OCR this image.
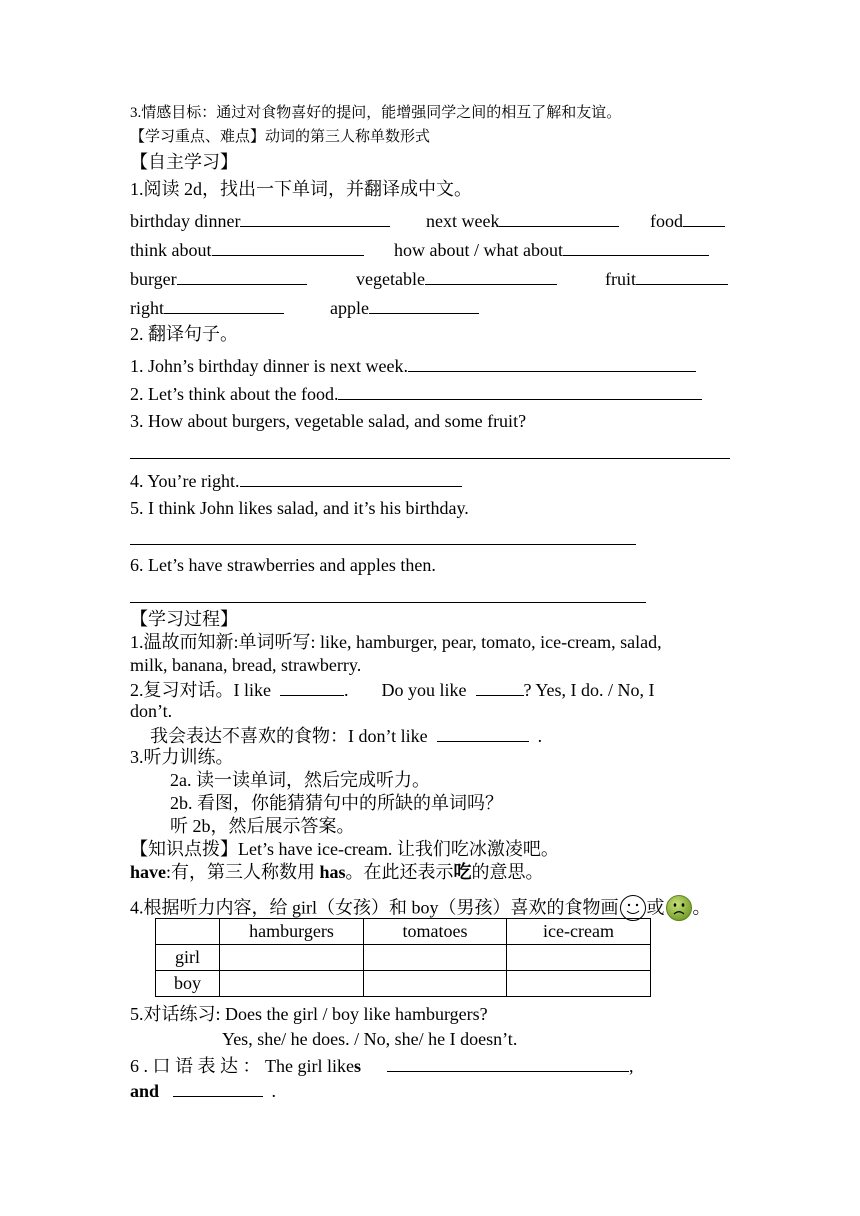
3.情感目标：通过对食物喜好的提问，能增强同学之间的相互了解和友谊。
【学习重点、难点】动词的第三人称单数形式
【自主学习】
1.阅读 2d，找出一下单词，并翻译成中文。
birthday dinner	next week	food
think about	how about / what about
burger	vegetable	fruit
right	apple
2. 翻译句子。
1. John’s birthday dinner is next week.
2. Let’s think about the food.
3. How about burgers, vegetable salad, and some fruit?
4. You’re right.
5. I think John likes salad, and it’s his birthday.
6. Let’s have strawberries and apples then.
【学习过程】
1.温故而知新:单词听写: like, hamburger, pear, tomato, ice-cream, salad,
milk, banana, bread, strawberry.
2.复习对话。I like	. Do you like	? Yes, I do. / No, I
don’t.
我会表达不喜欢的食物：I don’t like	.
3.听力训练。
2a. 读一读单词，然后完成听力。
2b. 看图，你能猜猜句中的所缺的单词吗？
听 2b，然后展示答案。
【知识点拨】Let’s have ice-cream. 让我们吃冰激凌吧。
have:有，第三人称数用 has。在此还表示吃的意思。
4.根据听力内容，给 girl（女孩）和 boy（男孩）喜欢的食物画 或 。
	hamburgers	tomatoes	ice-cream
girl			
boy			
5.对话练习: Does the girl / boy like hamburgers?
Yes, she/ he does. / No, she/ he I doesn’t.
6 . 口 语 表 达 ： The girl likes	,
and	.
